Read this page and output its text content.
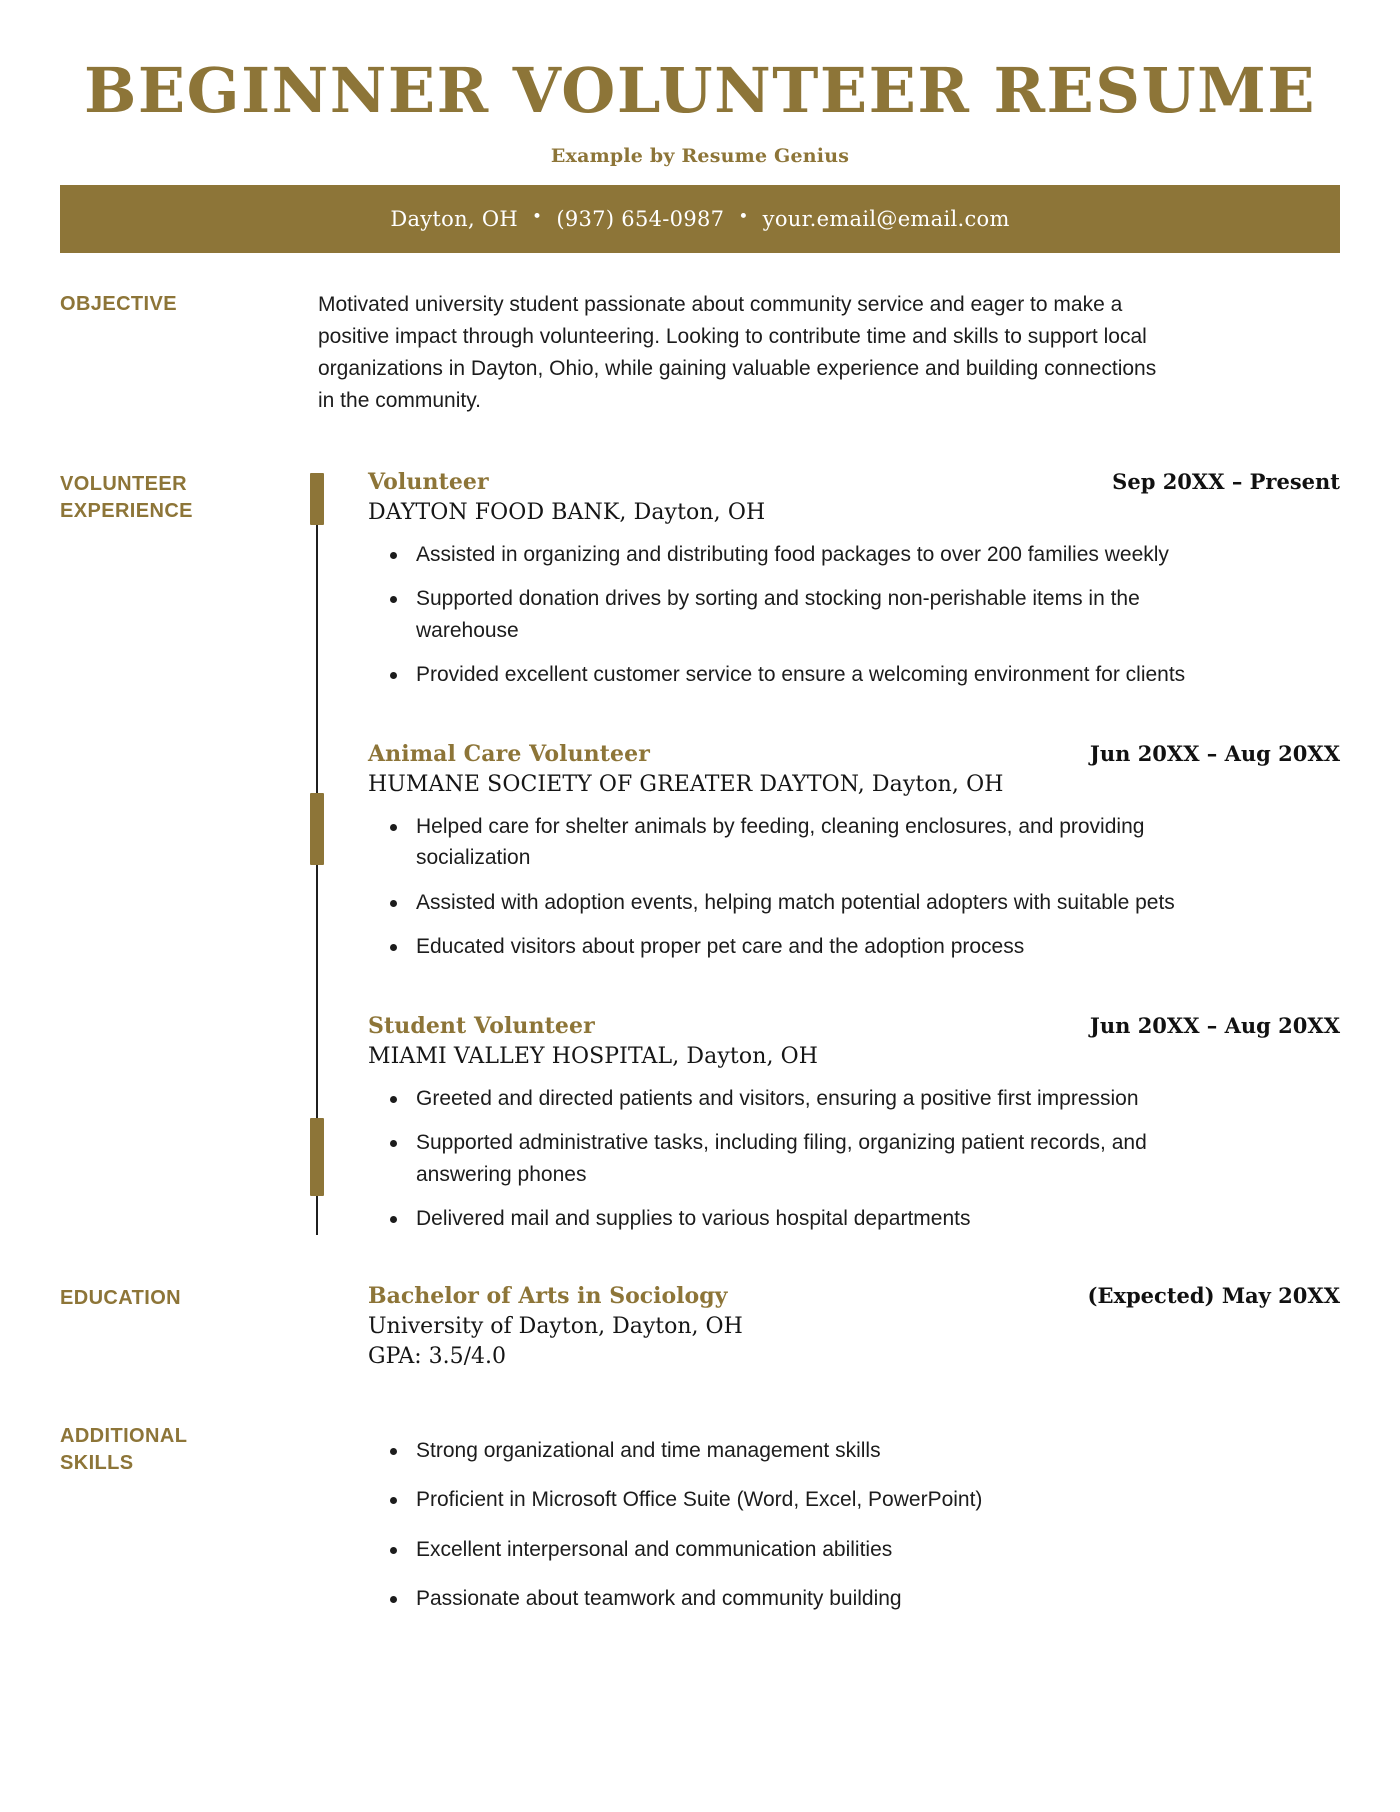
BEGINNER VOLUNTEER RESUME
Example by Resume Genius
Dayton, OH • (937) 654-0987 • your.email@email.com
OBJECTIVE	Motivated university student passionate about community service and eager to make a positive impact through volunteering. Looking to contribute time and skills to support local organizations in Dayton, Ohio, while gaining valuable experience and building connections in the community.
VOLUNTEER
EXPERIENCE
Volunteer	Sep 20XX – Present
DAYTON FOOD BANK, Dayton, OH
Assisted in organizing and distributing food packages to over 200 families weekly
Supported donation drives by sorting and stocking non-perishable items in the warehouse
Provided excellent customer service to ensure a welcoming environment for clients
Animal Care Volunteer	Jun 20XX – Aug 20XX
HUMANE SOCIETY OF GREATER DAYTON, Dayton, OH
Helped care for shelter animals by feeding, cleaning enclosures, and providing socialization
Assisted with adoption events, helping match potential adopters with suitable pets
Educated visitors about proper pet care and the adoption process
Student Volunteer	Jun 20XX – Aug 20XX
MIAMI VALLEY HOSPITAL, Dayton, OH
Greeted and directed patients and visitors, ensuring a positive first impression
Supported administrative tasks, including filing, organizing patient records, and answering phones
Delivered mail and supplies to various hospital departments
EDUCATION	Bachelor of Arts in Sociology	(Expected) May 20XX
University of Dayton, Dayton, OH
GPA: 3.5/4.0
ADDITIONAL
SKILLS
Strong organizational and time management skills
Proficient in Microsoft Office Suite (Word, Excel, PowerPoint)
Excellent interpersonal and communication abilities
Passionate about teamwork and community building
